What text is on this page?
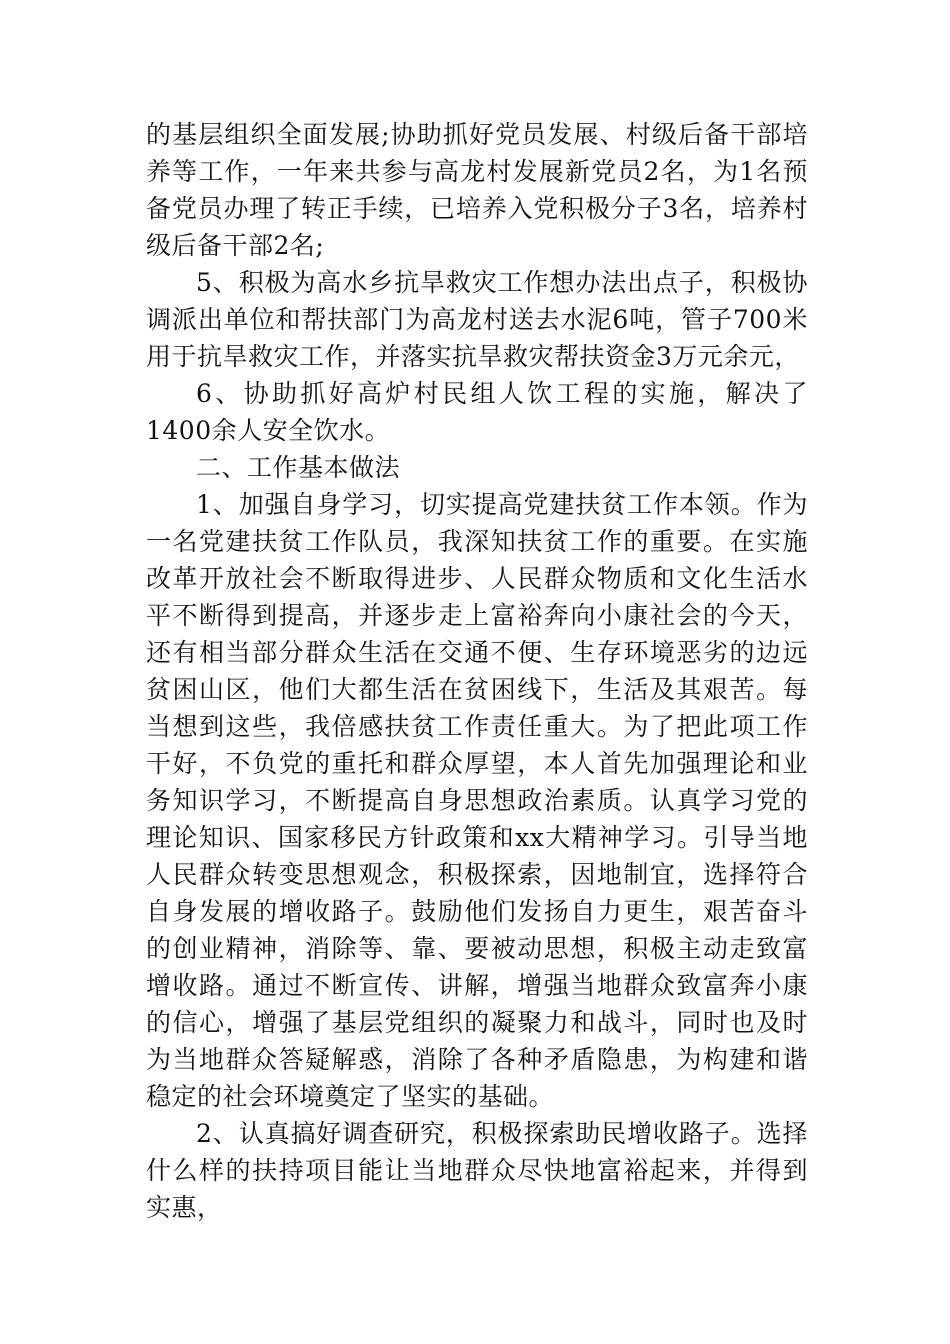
的基层组织全面发展;协助抓好党员发展、村级后备干部培养等工作，一年来共参与高龙村发展新党员2名，为1名预备党员办理了转正手续，已培养入党积极分子3名，培养村级后备干部2名;

5、积极为高水乡抗旱救灾工作想办法出点子，积极协调派出单位和帮扶部门为高龙村送去水泥6吨，管子700米用于抗旱救灾工作，并落实抗旱救灾帮扶资金3万元余元，

6、协助抓好高炉村民组人饮工程的实施，解决了1400余人安全饮水。

二、工作基本做法

1、加强自身学习，切实提高党建扶贫工作本领。作为一名党建扶贫工作队员，我深知扶贫工作的重要。在实施改革开放社会不断取得进步、人民群众物质和文化生活水平不断得到提高，并逐步走上富裕奔向小康社会的今天，还有相当部分群众生活在交通不便、生存环境恶劣的边远贫困山区，他们大都生活在贫困线下，生活及其艰苦。每当想到这些，我倍感扶贫工作责任重大。为了把此项工作干好，不负党的重托和群众厚望，本人首先加强理论和业务知识学习，不断提高自身思想政治素质。认真学习党的理论知识、国家移民方针政策和xx大精神学习。引导当地人民群众转变思想观念，积极探索，因地制宜，选择符合自身发展的增收路子。鼓励他们发扬自力更生，艰苦奋斗的创业精神，消除等、靠、要被动思想，积极主动走致富增收路。通过不断宣传、讲解，增强当地群众致富奔小康的信心，增强了基层党组织的凝聚力和战斗，同时也及时为当地群众答疑解惑，消除了各种矛盾隐患，为构建和谐稳定的社会环境奠定了坚实的基础。

2、认真搞好调查研究，积极探索助民增收路子。选择什么样的扶持项目能让当地群众尽快地富裕起来，并得到实惠，
